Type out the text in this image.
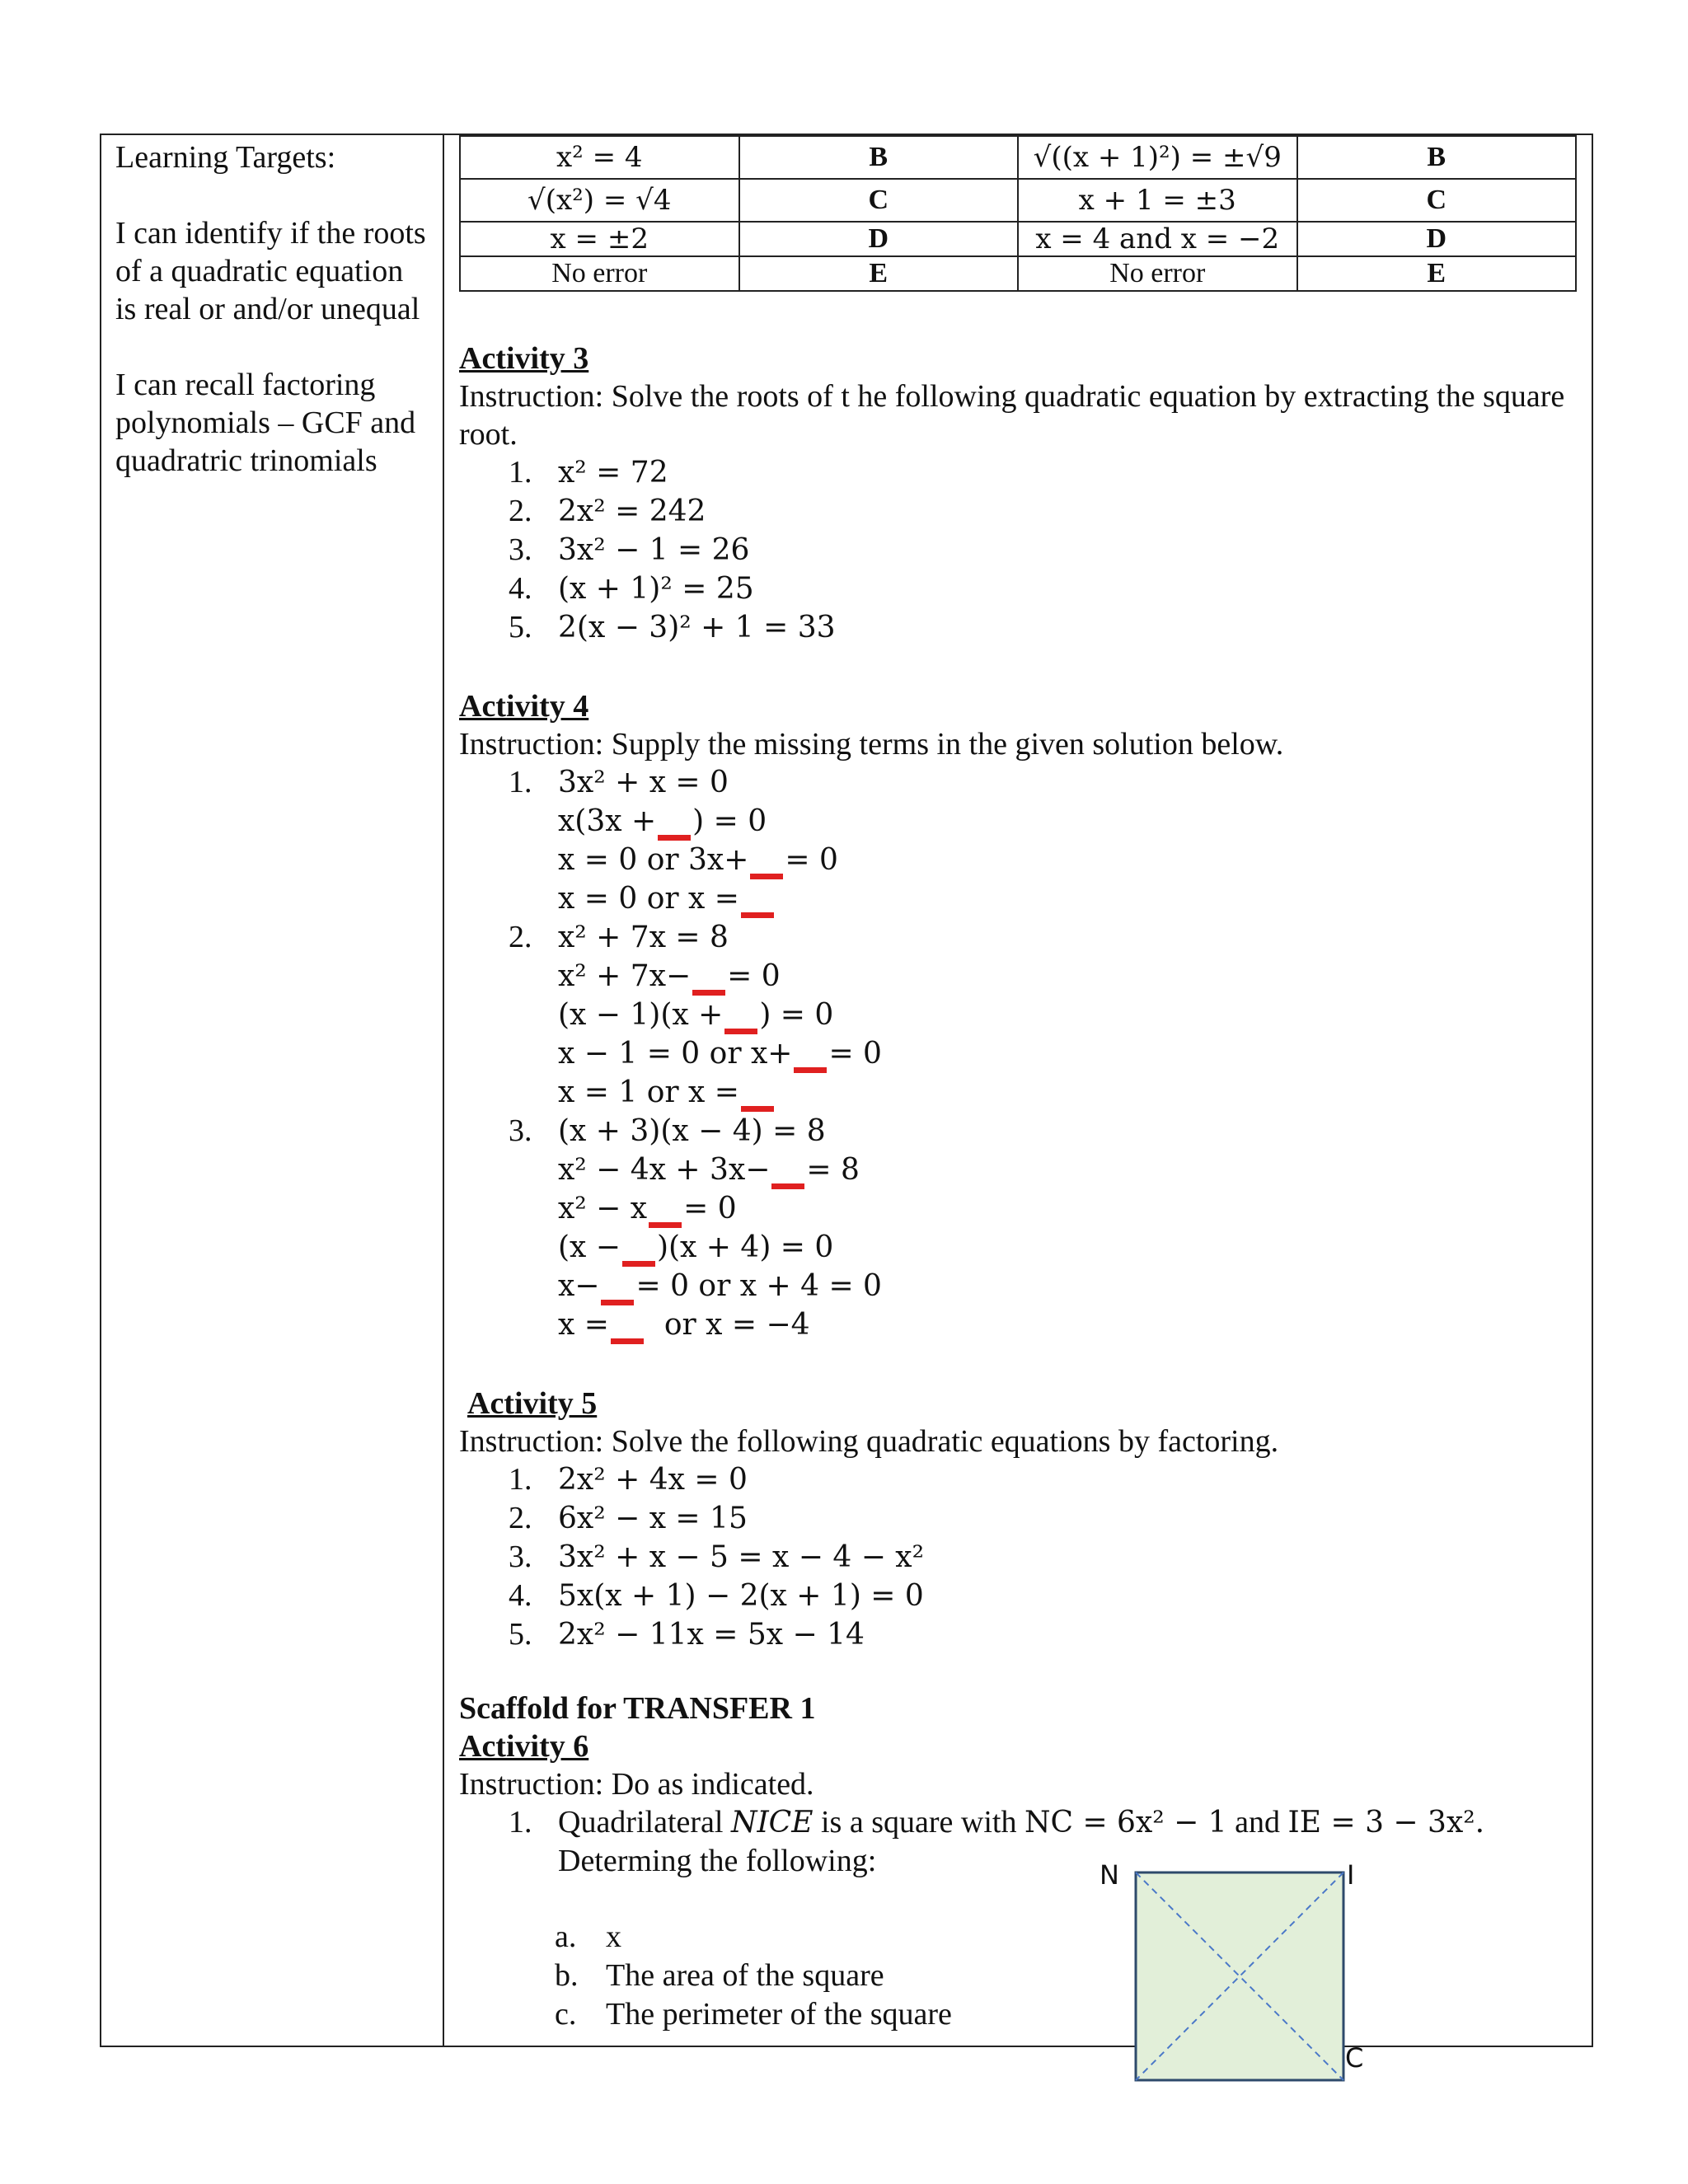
Learning Targets:

I can identify if the roots of a quadratic equation is real or and/or unequal

I can recall factoring polynomials – GCF and quadratric trinomials

x² = 4	B	√((x + 1)²) = ±√9	B
√(x²) = √4	C	x + 1 = ±3	C
x = ±2	D	x = 4 and x = −2	D
No error	E	No error	E
Activity 3
Instruction: Solve the roots of t he following quadratic equation by extracting the square root.
1. x² = 72
2. 2x² = 242
3. 3x² − 1 = 26
4. (x + 1)² = 25
5. 2(x − 3)² + 1 = 33
Activity 4
Instruction: Supply the missing terms in the given solution below.
1. 3x² + x = 0
x(3x + ) = 0
x = 0 or 3x+ = 0
x = 0 or x =
2. x² + 7x = 8
x² + 7x− = 0
(x − 1)(x + ) = 0
x − 1 = 0 or x+ = 0
x = 1 or x =
3. (x + 3)(x − 4) = 8
x² − 4x + 3x− = 8
x² − x = 0
(x − )(x + 4) = 0
x− = 0 or x + 4 = 0
x = or x = −4
Activity 5
Instruction: Solve the following quadratic equations by factoring.
1. 2x² + 4x = 0
2. 6x² − x = 15
3. 3x² + x − 5 = x − 4 − x²
4. 5x(x + 1) − 2(x + 1) = 0
5. 2x² − 11x = 5x − 14
Scaffold for TRANSFER 1
Activity 6
Instruction: Do as indicated.
1. Quadrilateral NICE is a square with NC = 6x² − 1 and IE = 3 − 3x².
Determing the following:
a. x
b. The area of the square
c. The perimeter of the square
N	I
C
